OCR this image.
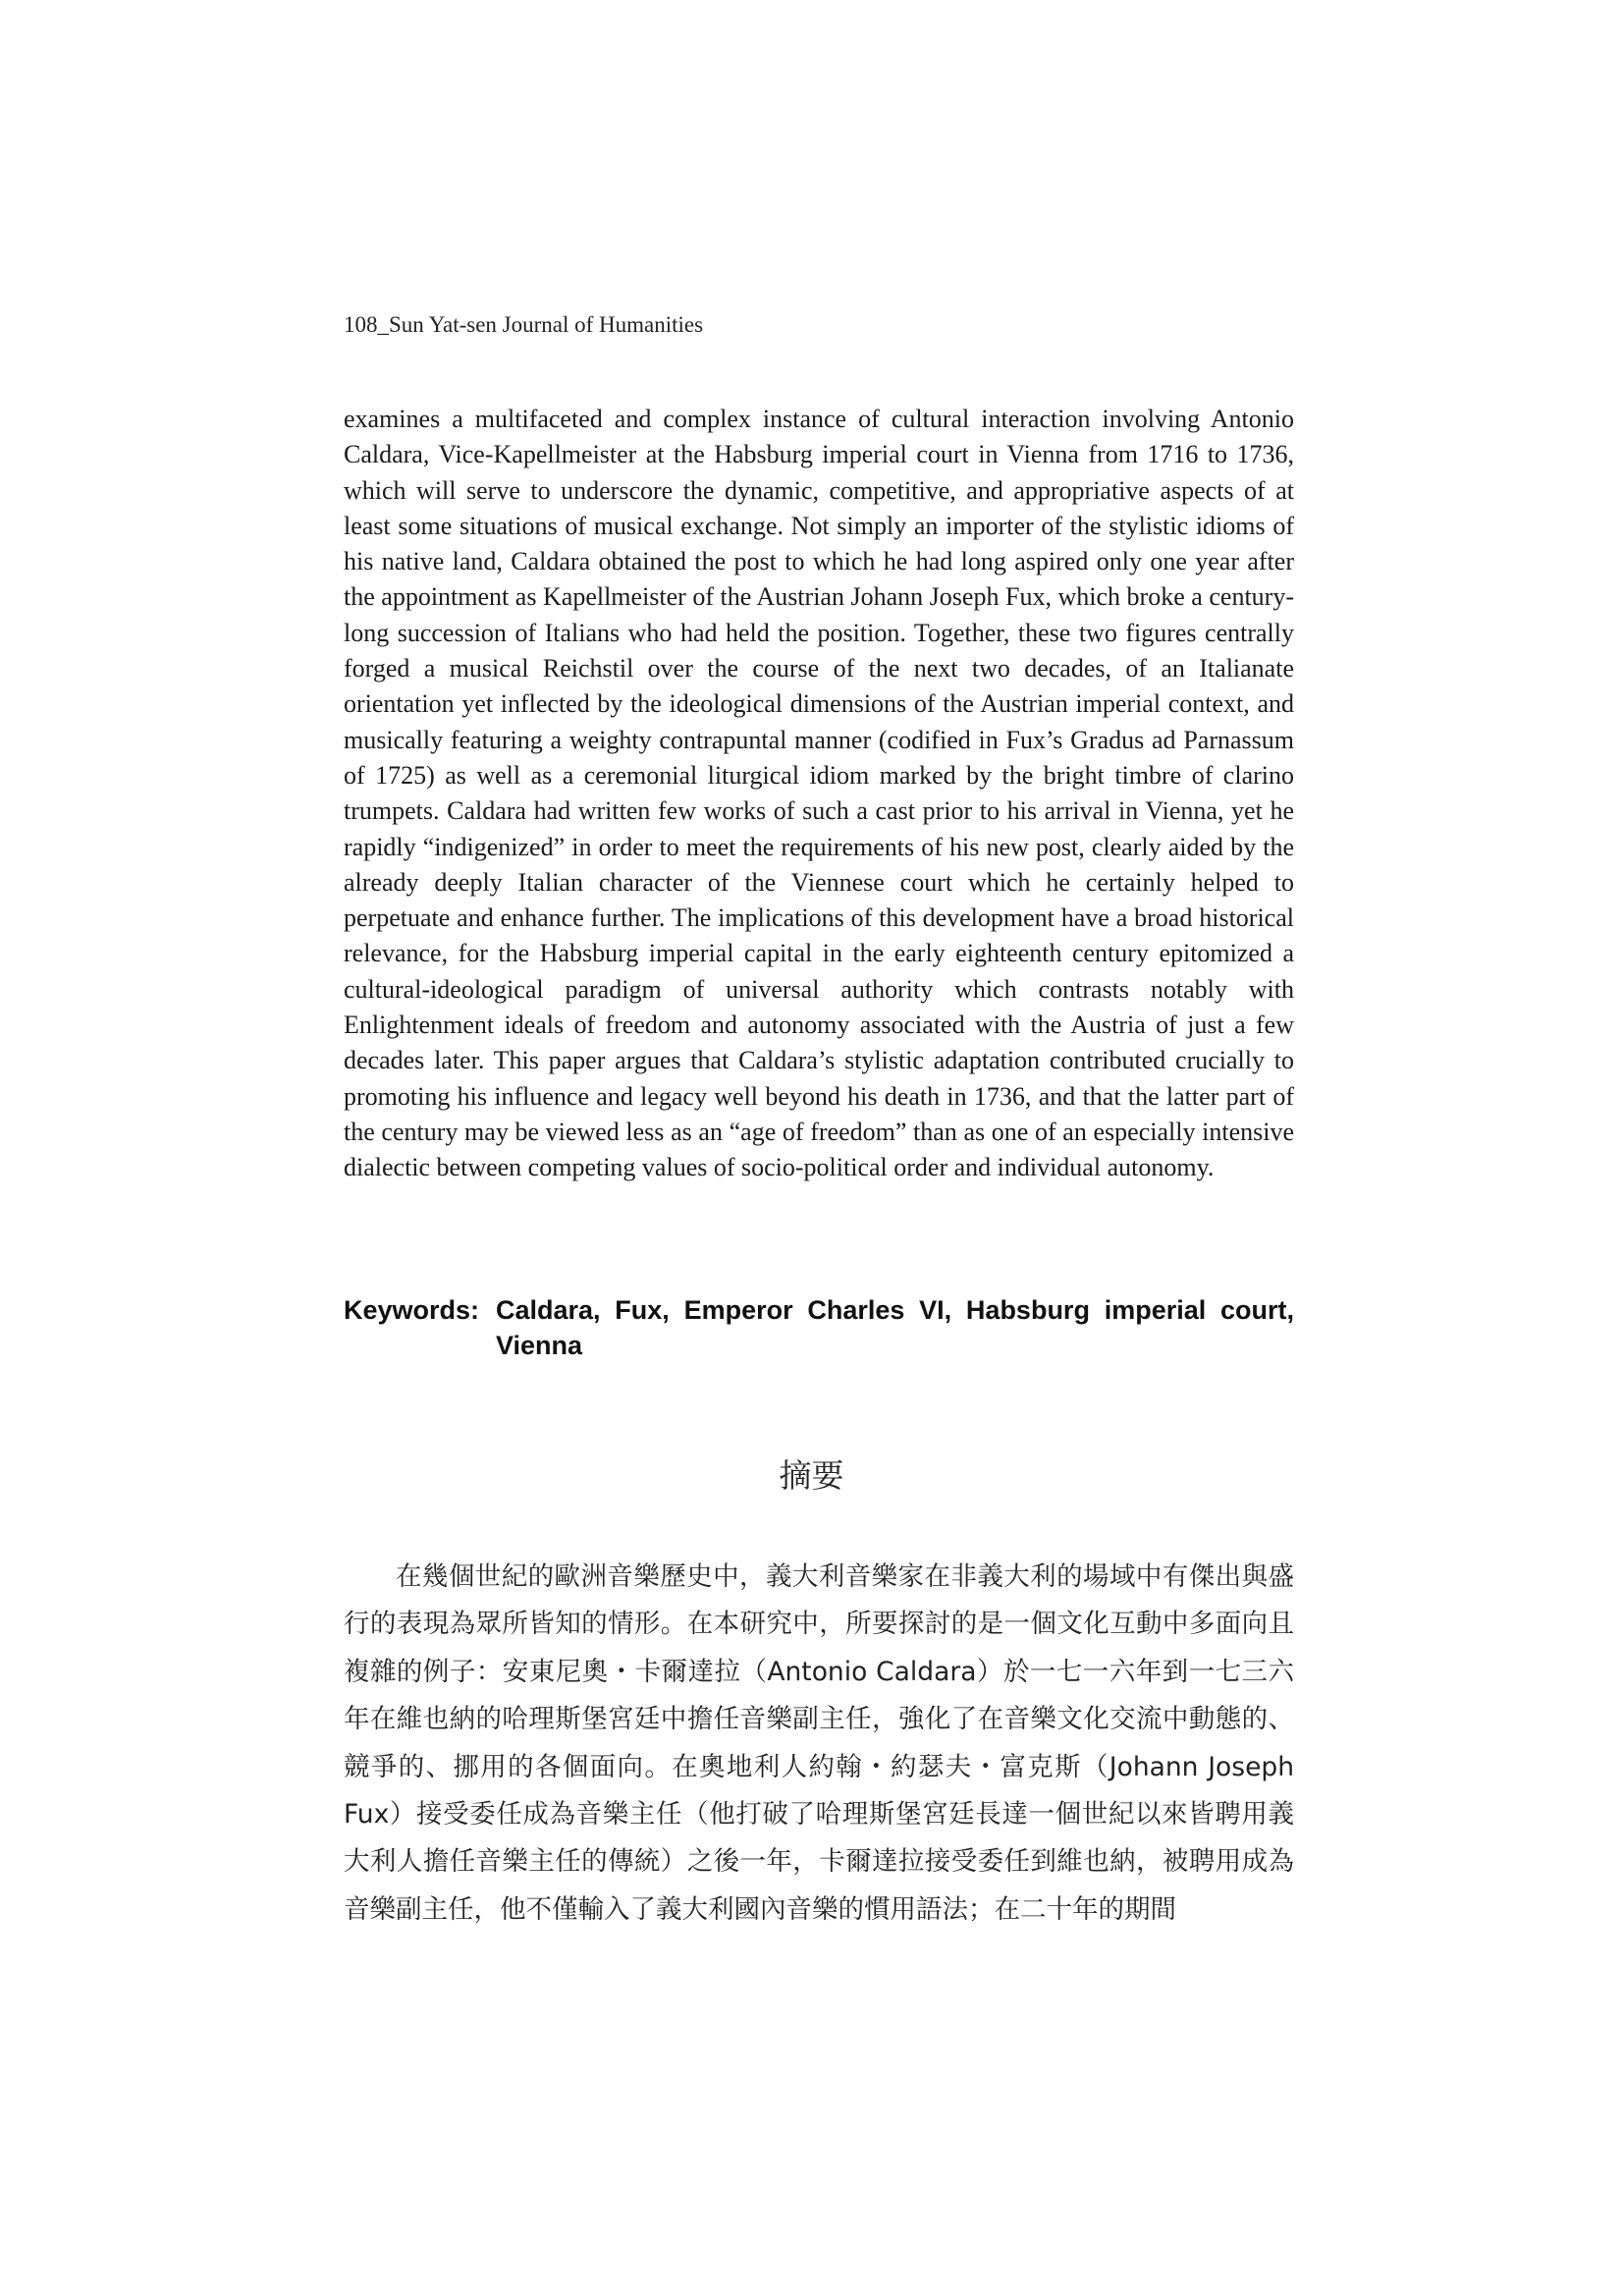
108_Sun Yat-sen Journal of Humanities

examines a multifaceted and complex instance of cultural interaction involving Antonio Caldara, Vice-Kapellmeister at the Habsburg imperial court in Vienna from 1716 to 1736, which will serve to underscore the dynamic, competitive, and appropriative aspects of at least some situations of musical exchange. Not simply an importer of the stylistic idioms of his native land, Caldara obtained the post to which he had long aspired only one year after the appointment as Kapellmeister of the Austrian Johann Joseph Fux, which broke a century-long succession of Italians who had held the position. Together, these two figures centrally forged a musical Reichstil over the course of the next two decades, of an Italianate orientation yet inflected by the ideological dimensions of the Austrian imperial context, and musically featuring a weighty contrapuntal manner (codified in Fux’s Gradus ad Parnassum of 1725) as well as a ceremonial liturgical idiom marked by the bright timbre of clarino trumpets. Caldara had written few works of such a cast prior to his arrival in Vienna, yet he rapidly “indigenized” in order to meet the requirements of his new post, clearly aided by the already deeply Italian character of the Viennese court which he certainly helped to perpetuate and enhance further. The implications of this development have a broad historical relevance, for the Habsburg imperial capital in the early eighteenth century epitomized a cultural-ideological paradigm of universal authority which contrasts notably with Enlightenment ideals of freedom and autonomy associated with the Austria of just a few decades later. This paper argues that Caldara’s stylistic adaptation contributed crucially to promoting his influence and legacy well beyond his death in 1736, and that the latter part of the century may be viewed less as an “age of freedom” than as one of an especially intensive dialectic between competing values of socio-political order and individual autonomy.

Keywords: Caldara, Fux, Emperor Charles VI, Habsburg imperial court, Vienna
摘要

在幾個世紀的歐洲音樂歷史中，義大利音樂家在非義大利的場域中有傑出與盛行的表現為眾所皆知的情形。在本研究中，所要探討的是一個文化互動中多面向且複雜的例子：安東尼奧・卡爾達拉（Antonio Caldara）於一七一六年到一七三六年在維也納的哈理斯堡宮廷中擔任音樂副主任，強化了在音樂文化交流中動態的、競爭的、挪用的各個面向。在奧地利人約翰・約瑟夫・富克斯（Johann Joseph Fux）接受委任成為音樂主任（他打破了哈理斯堡宮廷長達一個世紀以來皆聘用義大利人擔任音樂主任的傳統）之後一年，卡爾達拉接受委任到維也納，被聘用成為音樂副主任，他不僅輸入了義大利國內音樂的慣用語法；在二十年的期間
